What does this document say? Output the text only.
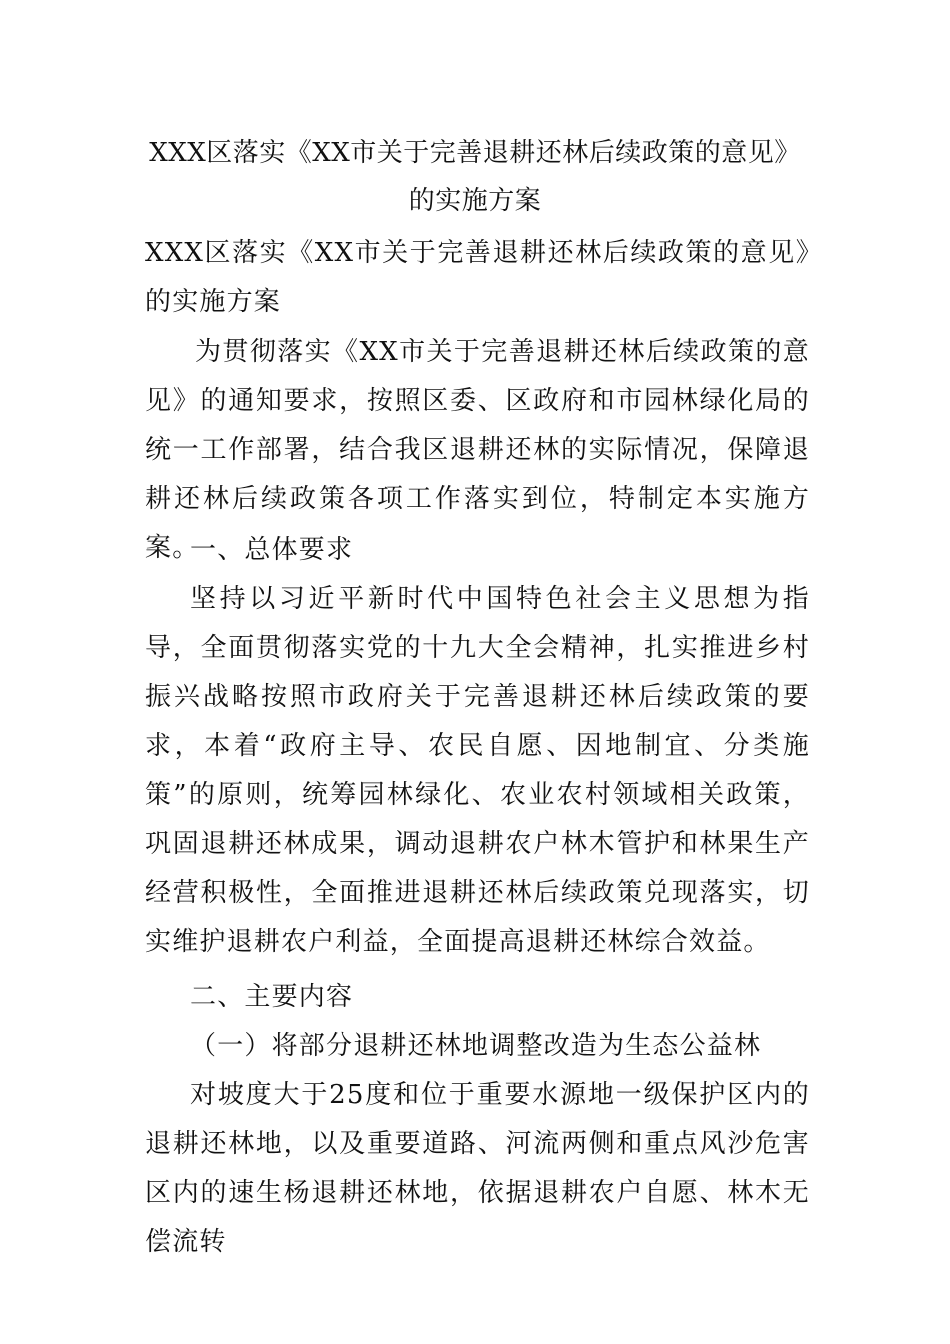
XXX区落实《XX市关于完善退耕还林后续政策的意见》
的实施方案

XXX区落实《XX市关于完善退耕还林后续政策的意见》的实施方案

为贯彻落实《XX市关于完善退耕还林后续政策的意见》的通知要求，按照区委、区政府和市园林绿化局的统一工作部署，结合我区退耕还林的实际情况，保障退耕还林后续政策各项工作落实到位，特制定本实施方案。

一、总体要求

坚持以习近平新时代中国特色社会主义思想为指导，全面贯彻落实党的十九大全会精神，扎实推进乡村振兴战略按照市政府关于完善退耕还林后续政策的要求，本着“政府主导、农民自愿、因地制宜、分类施策”的原则，统筹园林绿化、农业农村领域相关政策，巩固退耕还林成果，调动退耕农户林木管护和林果生产经营积极性，全面推进退耕还林后续政策兑现落实，切实维护退耕农户利益，全面提高退耕还林综合效益。

二、主要内容

（一）将部分退耕还林地调整改造为生态公益林

对坡度大于25度和位于重要水源地一级保护区内的退耕还林地，以及重要道路、河流两侧和重点风沙危害区内的速生杨退耕还林地，依据退耕农户自愿、林木无偿流转
